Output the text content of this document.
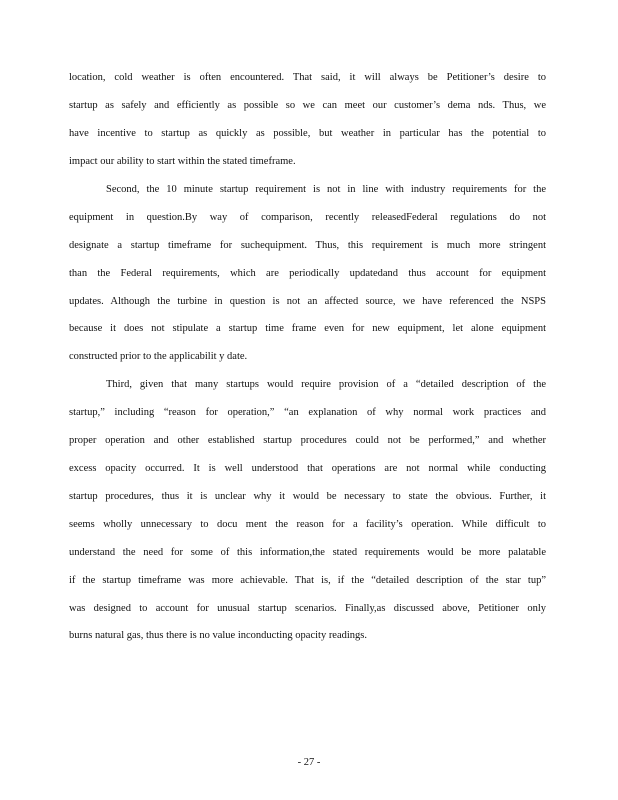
location, cold weather is often encountered. That said, it will always be Petitioner’s desire to
startup as safely and efficiently as possible so we can meet our customer’s dema nds. Thus, we
have incentive to startup as quickly as possible, but weather in particular has the potential to
impact our ability to start within the stated timeframe.
Second, the 10 minute startup requirement is not in line with industry requirements for the
equipment in question.By way of comparison, recently releasedFederal regulations do not
designate a startup timeframe for suchequipment. Thus, this requirement is much more stringent
than the Federal requirements, which are periodically updatedand thus account for equipment
updates. Although the turbine in question is not an affected source, we have referenced the NSPS
because it does not stipulate a startup time frame even for new equipment, let alone equipment
constructed prior to the applicabilit y date.
Third, given that many startups would require provision of a “detailed description of the
startup,” including “reason for operation,” “an explanation of why normal work practices and
proper operation and other established startup procedures could not be performed,” and whether
excess opacity occurred. It is well understood that operations are not normal while conducting
startup procedures, thus it is unclear why it would be necessary to state the obvious. Further, it
seems wholly unnecessary to docu ment the reason for a facility’s operation. While difficult to
understand the need for some of this information,the stated requirements would be more palatable
if the startup timeframe was more achievable. That is, if the “detailed description of the star tup”
was designed to account for unusual startup scenarios. Finally,as discussed above, Petitioner only
burns natural gas, thus there is no value inconducting opacity readings.
- 27 -
